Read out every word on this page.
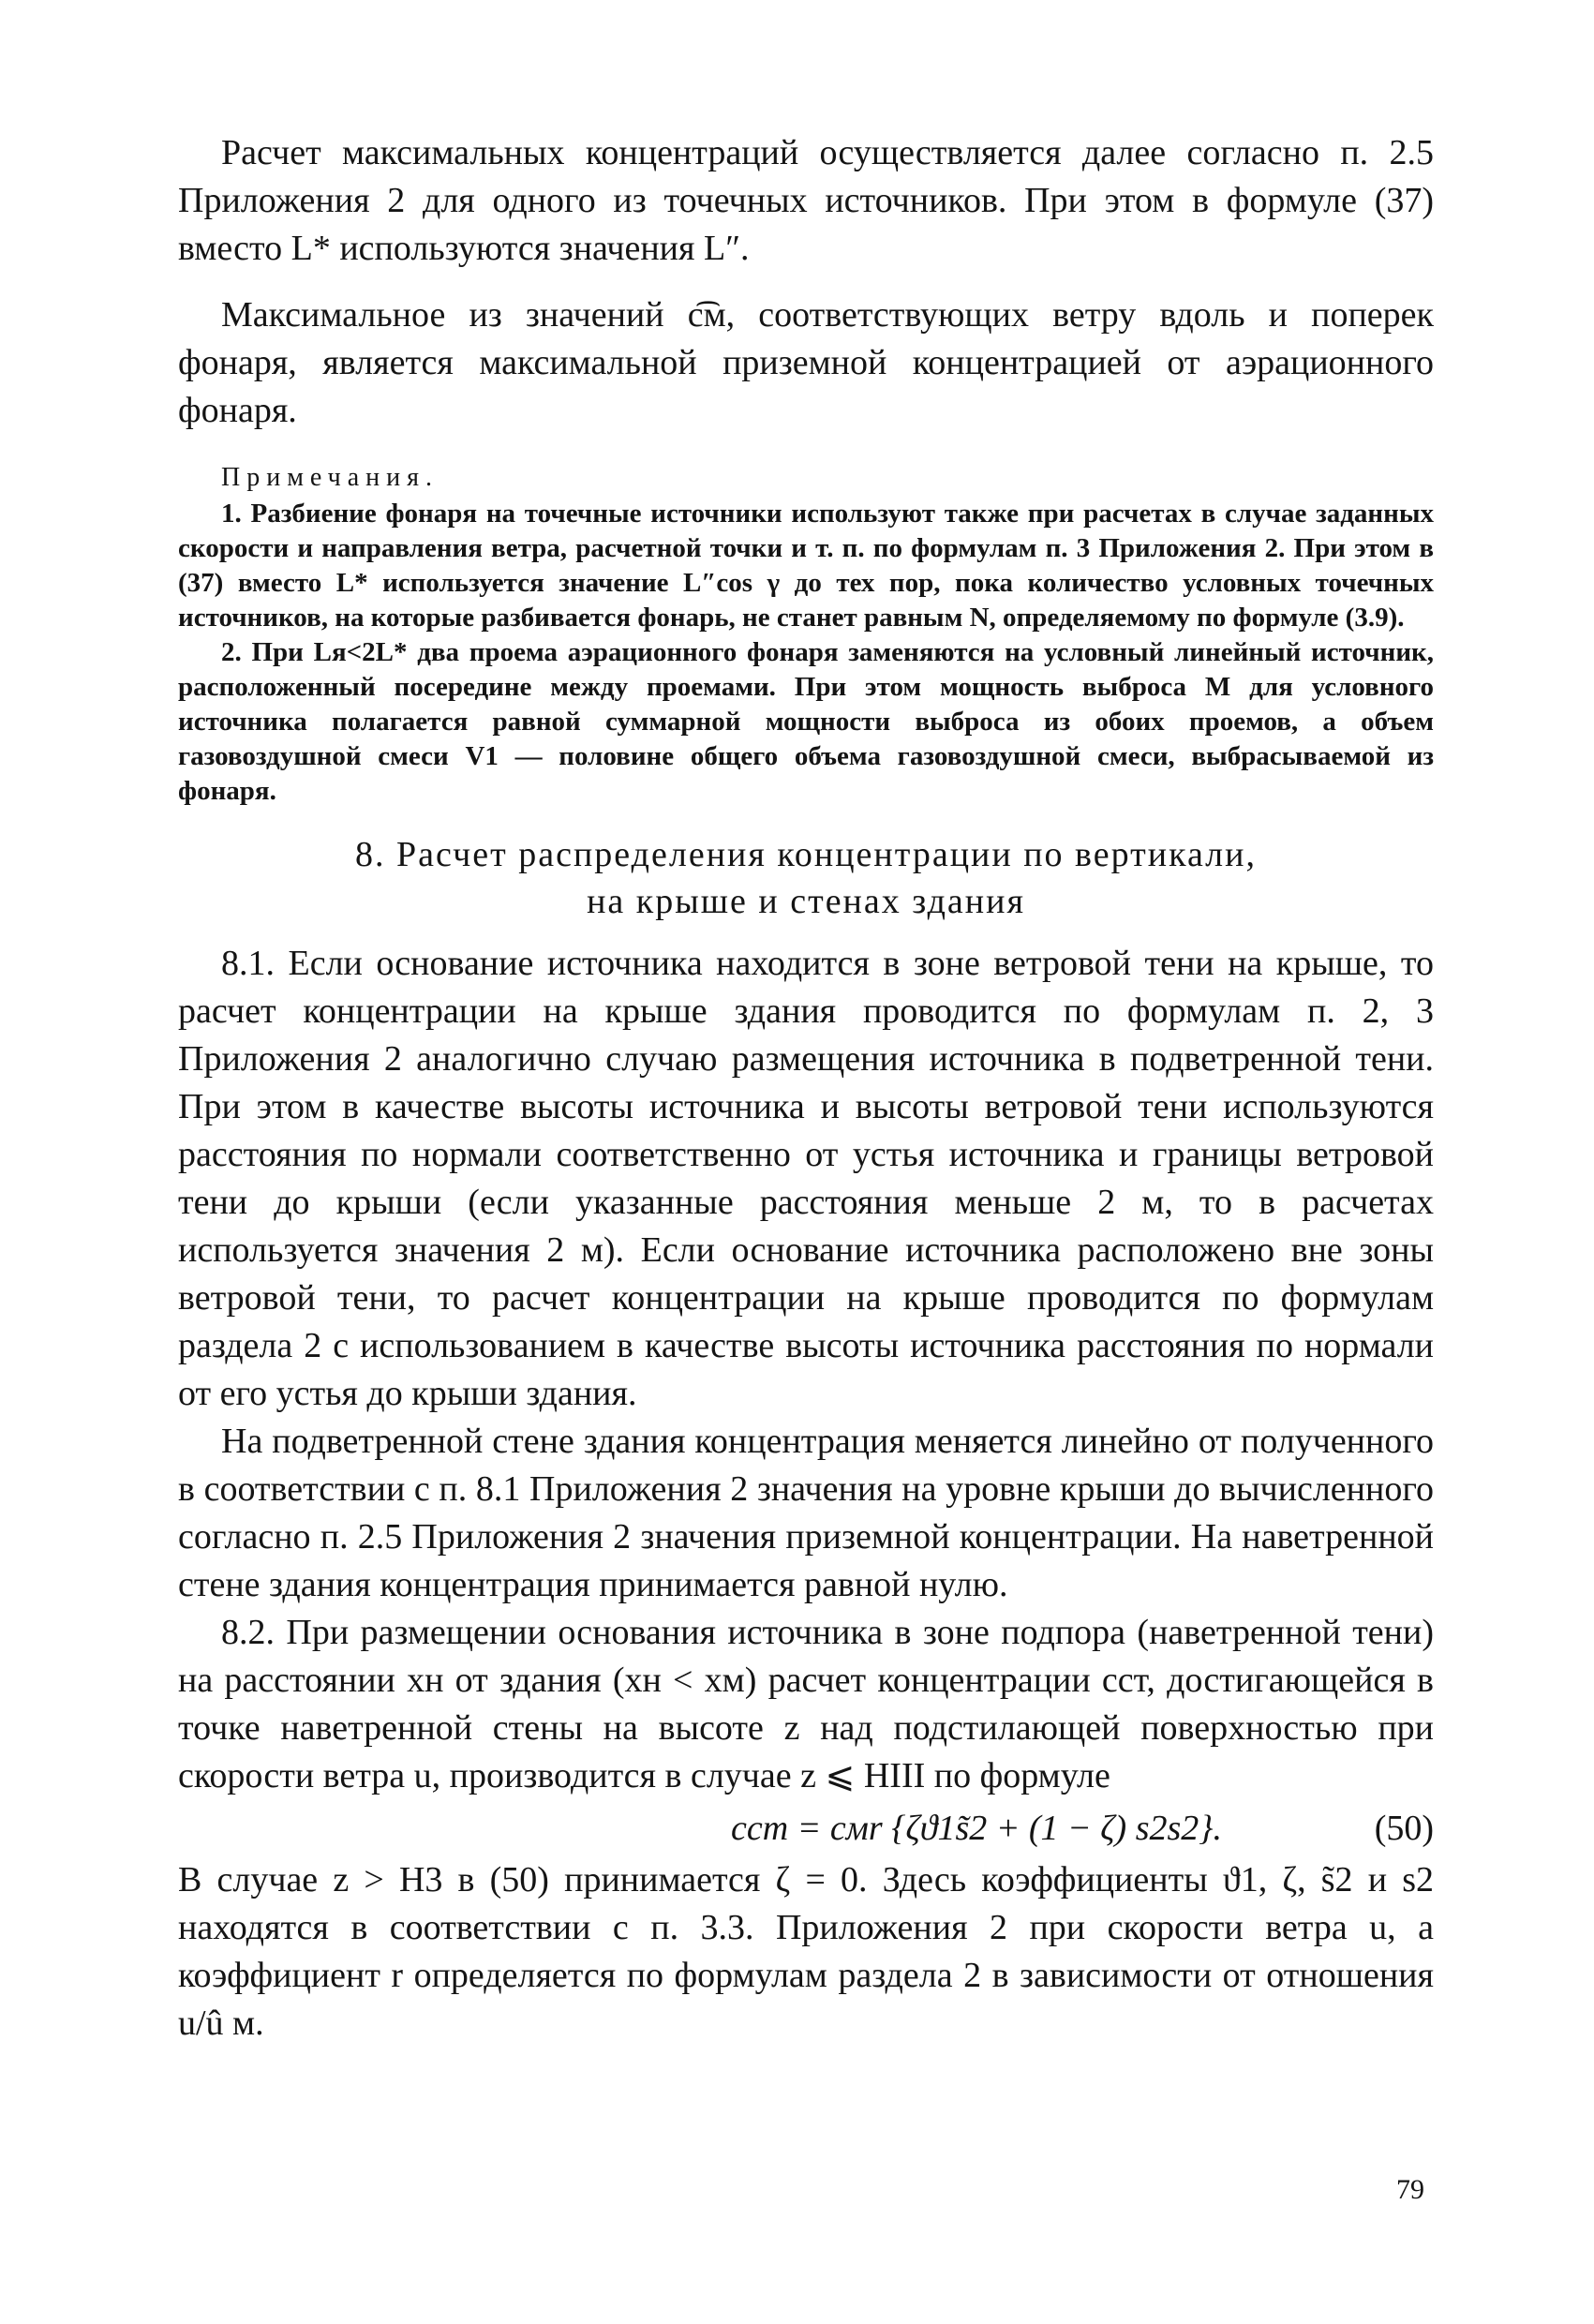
Расчет максимальных концентраций осуществляется далее согласно п. 2.5 Приложения 2 для одного из точечных источников. При этом в формуле (37) вместо L* используются значения L″.

Максимальное из значений c͡м, соответствующих ветру вдоль и поперек фонаря, является максимальной приземной концентрацией от аэрационного фонаря.

Примечания.

1. Разбиение фонаря на точечные источники используют также при расчетах в случае заданных скорости и направления ветра, расчетной точки и т. п. по формулам п. 3 Приложения 2. При этом в (37) вместо L* используется значение L″cos γ до тех пор, пока количество условных точечных источников, на которые разбивается фонарь, не станет равным N, определяемому по формуле (3.9).

2. При Lя<2L* два проема аэрационного фонаря заменяются на условный линейный источник, расположенный посередине между проемами. При этом мощность выброса M для условного источника полагается равной суммарной мощности выброса из обоих проемов, а объем газовоздушной смеси V1 — половине общего объема газовоздушной смеси, выбрасываемой из фонаря.

8. Расчет распределения концентрации по вертикали,
на крыше и стенах здания

8.1. Если основание источника находится в зоне ветровой тени на крыше, то расчет концентрации на крыше здания проводится по формулам п. 2, 3 Приложения 2 аналогично случаю размещения источника в подветренной тени. При этом в качестве высоты источника и высоты ветровой тени используются расстояния по нормали соответственно от устья источника и границы ветровой тени до крыши (если указанные расстояния меньше 2 м, то в расчетах используется значения 2 м). Если основание источника расположено вне зоны ветровой тени, то расчет концентрации на крыше проводится по формулам раздела 2 с использованием в качестве высоты источника расстояния по нормали от его устья до крыши здания.

На подветренной стене здания концентрация меняется линейно от полученного в соответствии с п. 8.1 Приложения 2 значения на уровне крыши до вычисленного согласно п. 2.5 Приложения 2 значения приземной концентрации. На наветренной стене здания концентрация принимается равной нулю.

8.2. При размещении основания источника в зоне подпора (наветренной тени) на расстоянии xн от здания (xн < xм) расчет концентрации cст, достигающейся в точке наветренной стены на высоте z над подстилающей поверхностью при скорости ветра u, производится в случае z ⩽ HIII по формуле

cст = cмr {ζϑ1s̃2 + (1 − ζ) s2s2}.	(50)

В случае z > H3 в (50) принимается ζ = 0. Здесь коэффициенты ϑ1, ζ, s̃2 и s2 находятся в соответствии с п. 3.3. Приложения 2 при скорости ветра u, а коэффициент r определяется по формулам раздела 2 в зависимости от отношения u/û м.

79
